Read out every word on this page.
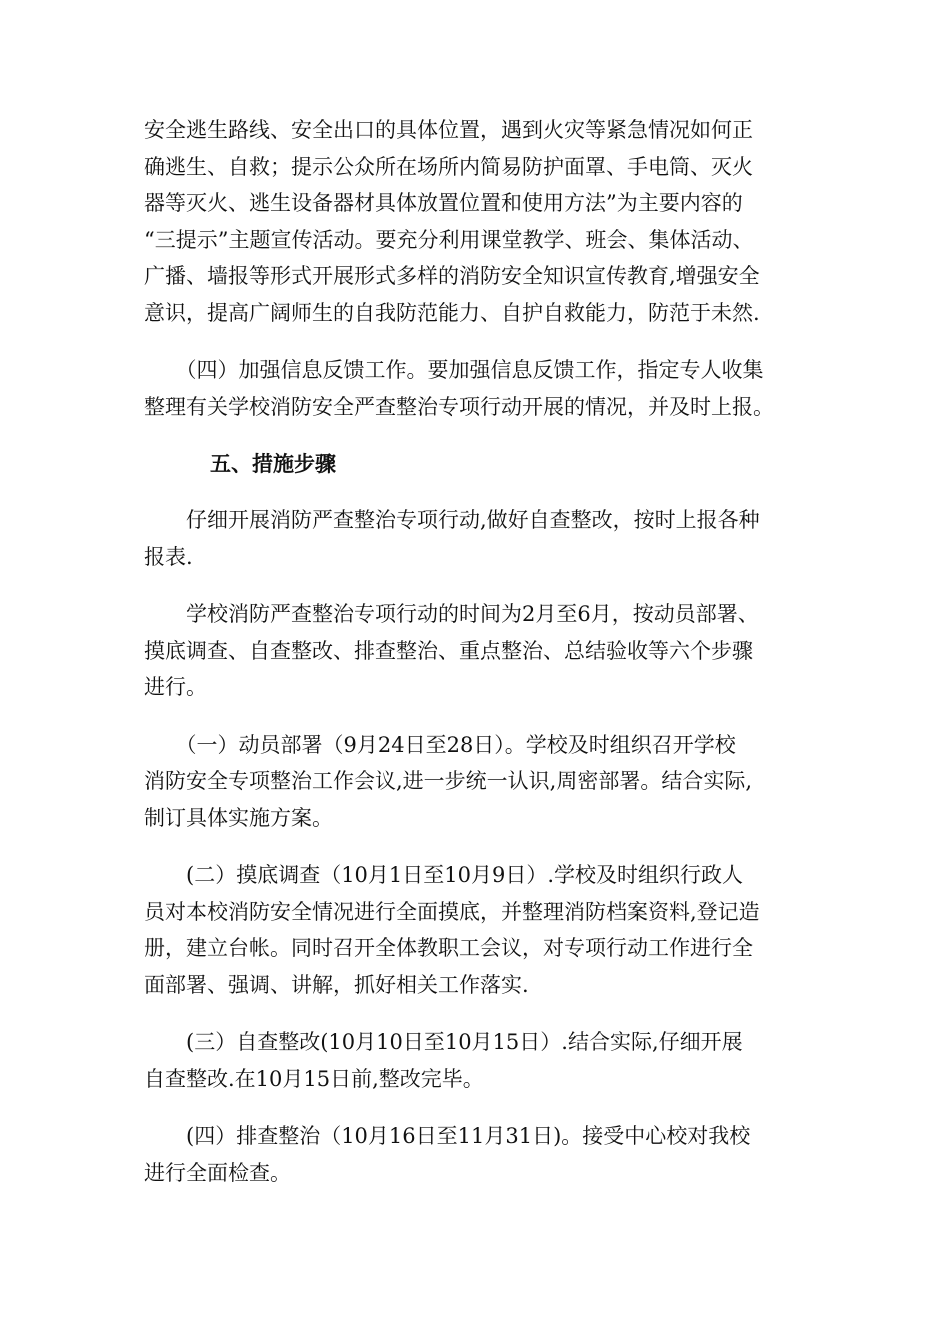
安全逃生路线、安全出口的具体位置，遇到火灾等紧急情况如何正
确逃生、自救；提示公众所在场所内简易防护面罩、手电筒、灭火
器等灭火、逃生设备器材具体放置位置和使用方法”为主要内容的
“三提示”主题宣传活动。要充分利用课堂教学、班会、集体活动、
广播、墙报等形式开展形式多样的消防安全知识宣传教育,增强安全
意识，提高广阔师生的自我防范能力、自护自救能力，防范于未然.
　　（四）加强信息反馈工作。要加强信息反馈工作，指定专人收集
整理有关学校消防安全严查整治专项行动开展的情况，并及时上报。
五、措施步骤
　　仔细开展消防严查整治专项行动,做好自查整改，按时上报各种
报表.
　　学校消防严查整治专项行动的时间为2月至6月，按动员部署、
摸底调查、自查整改、排查整治、重点整治、总结验收等六个步骤
进行。
　　（一）动员部署（9月24日至28日）。学校及时组织召开学校
消防安全专项整治工作会议,进一步统一认识,周密部署。结合实际,
制订具体实施方案。
　　(二）摸底调查（10月1日至10月9日）.学校及时组织行政人
员对本校消防安全情况进行全面摸底，并整理消防档案资料,登记造
册，建立台帐。同时召开全体教职工会议，对专项行动工作进行全
面部署、强调、讲解，抓好相关工作落实.
　　(三）自查整改(10月10日至10月15日）.结合实际,仔细开展
自查整改.在10月15日前,整改完毕。
　　(四）排查整治（10月16日至11月31日)。接受中心校对我校
进行全面检查。
